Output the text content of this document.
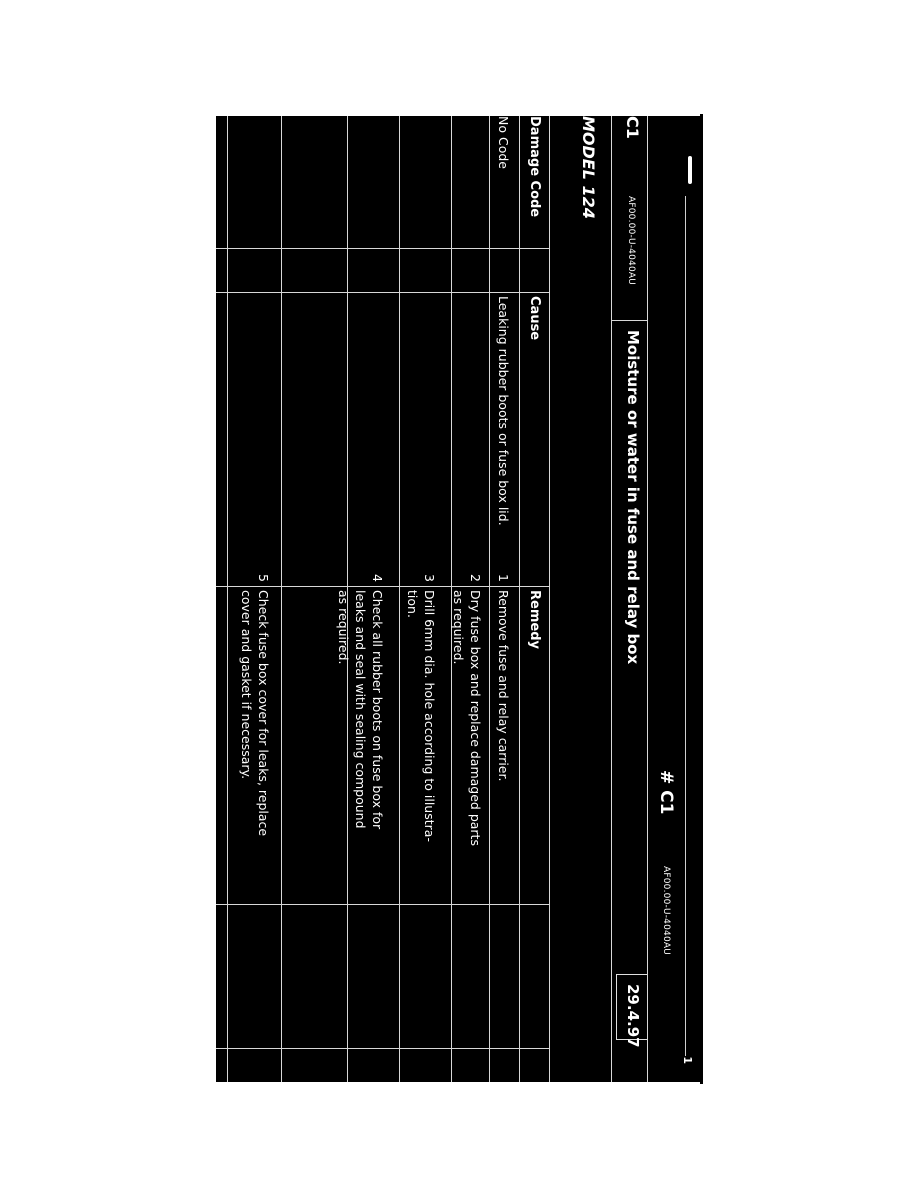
1
# C1
AF00.00-U-4040AU
C1
AF00.00-U-4040AU
Moisture or water in fuse and relay box
29.4.97
MODEL 124
Damage Code
Cause
Remedy
No Code
Leaking rubber boots or fuse box lid.
1
Remove fuse and relay carrier.
2
Dry fuse box and replace damaged parts
as required.
3
Drill 6mm dia. hole according to illustra-
tion.
4
Check all rubber boots on fuse box for
leaks and seal with sealing compound
as required.
5
Check fuse box cover for leaks, replace
cover and gasket if necessary.
